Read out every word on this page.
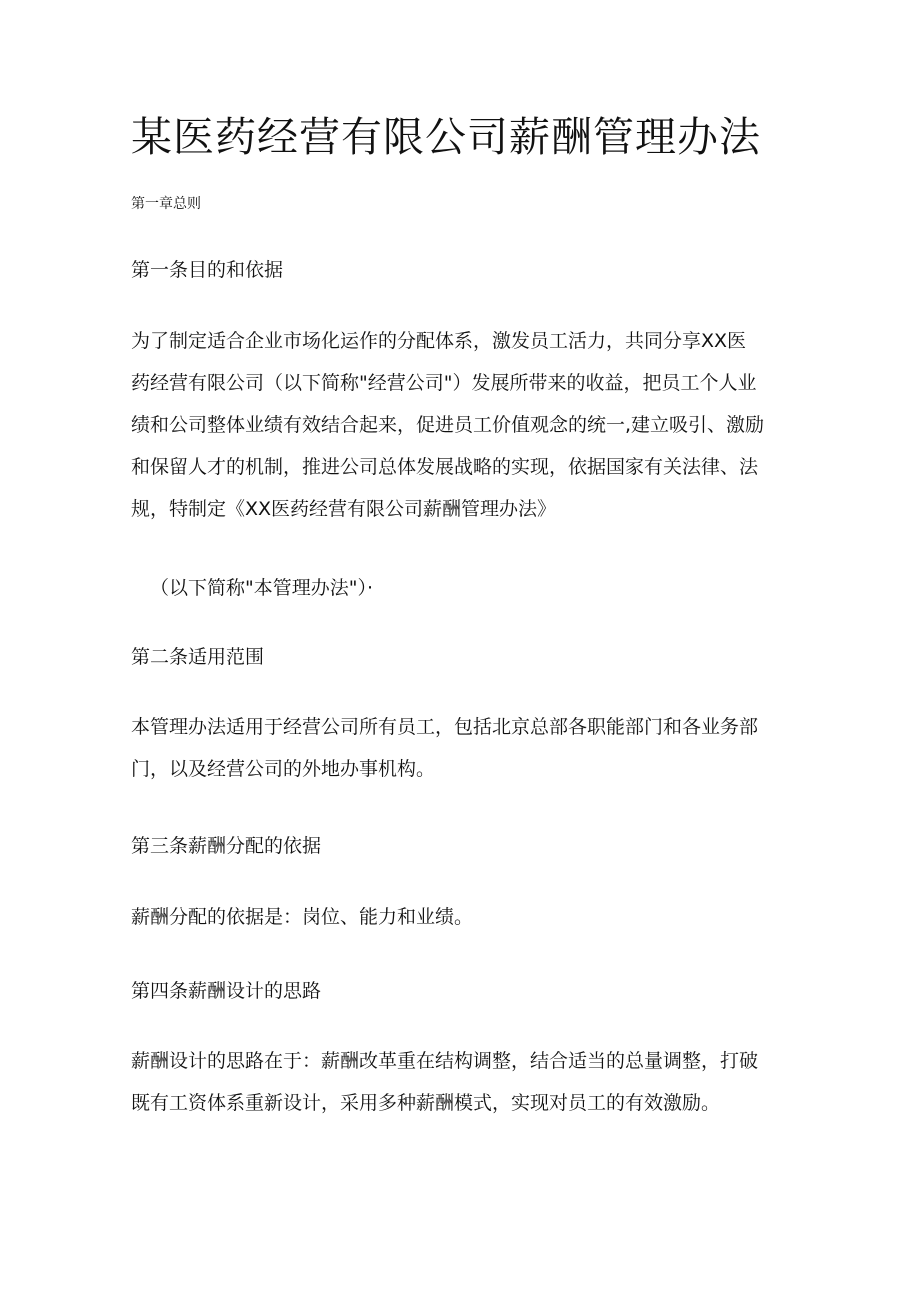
某医药经营有限公司薪酬管理办法

第一章总则

第一条目的和依据
为了制定适合企业市场化运作的分配体系，激发员工活力，共同分享XX医
药经营有限公司（以下简称"经营公司"）发展所带来的收益，把员工个人业
绩和公司整体业绩有效结合起来，促进员工价值观念的统一,建立吸引、激励
和保留人才的机制，推进公司总体发展战略的实现，依据国家有关法律、法
规，特制定《XX医药经营有限公司薪酬管理办法》

（以下简称"本管理办法"）·

第二条适用范围
本管理办法适用于经营公司所有员工，包括北京总部各职能部门和各业务部
门，以及经营公司的外地办事机构。
第三条薪酬分配的依据
薪酬分配的依据是：岗位、能力和业绩。
第四条薪酬设计的思路
薪酬设计的思路在于：薪酬改革重在结构调整，结合适当的总量调整，打破
既有工资体系重新设计，采用多种薪酬模式，实现对员工的有效激励。
